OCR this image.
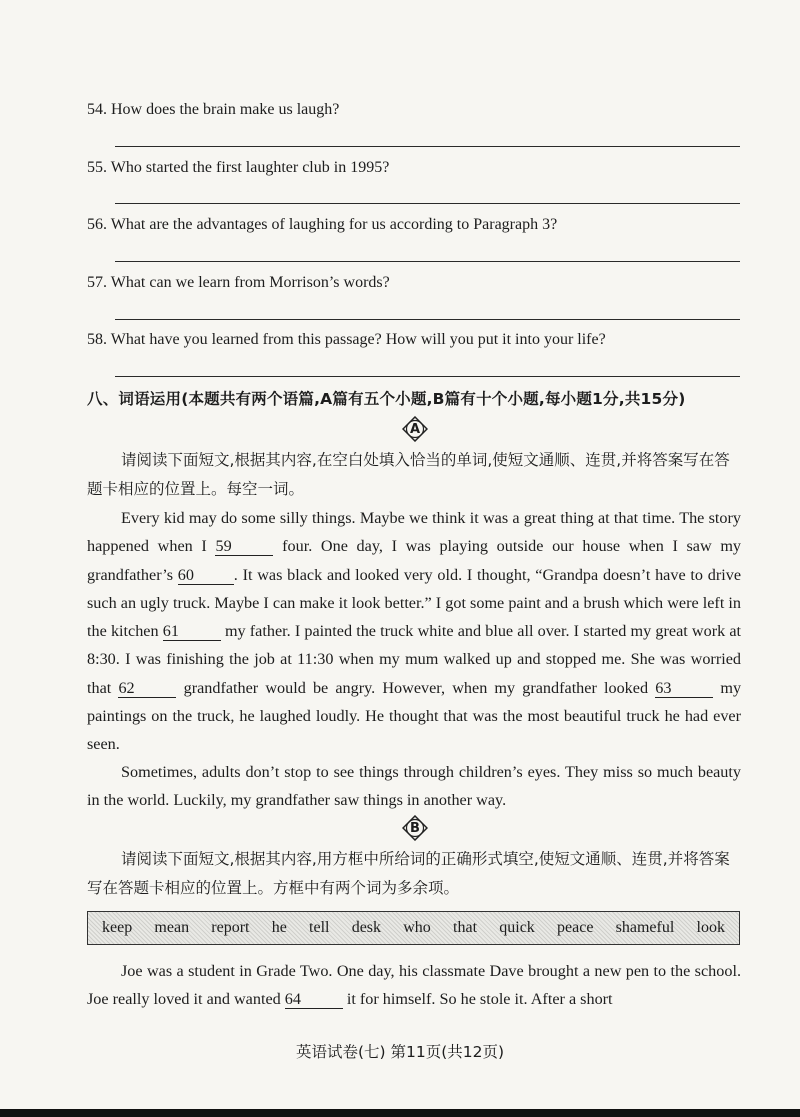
54. How does the brain make us laugh?
55. Who started the first laughter club in 1995?
56. What are the advantages of laughing for us according to Paragraph 3?
57. What can we learn from Morrison’s words?
58. What have you learned from this passage? How will you put it into your life?
八、词语运用(本题共有两个语篇,A篇有五个小题,B篇有十个小题,每小题1分,共15分)
A
请阅读下面短文,根据其内容,在空白处填入恰当的单词,使短文通顺、连贯,并将答案写在答题卡相应的位置上。每空一词。
Every kid may do some silly things. Maybe we think it was a great thing at that time. The story happened when I 59	four. One day, I was playing outside our house when I saw my grandfather’s 60 . It was black and looked very old. I thought, “Grandpa doesn’t have to drive such an ugly truck. Maybe I can make it look better.” I got some paint and a brush which were left in the kitchen 61	my father. I painted the truck white and blue all over. I started my great work at 8:30. I was finishing the job at 11:30 when my mum walked up and stopped me. She was worried that 62	grandfather would be angry. However, when my grandfather looked 63	my paintings on the truck, he laughed loudly. He thought that was the most beautiful truck he had ever seen.
Sometimes, adults don’t stop to see things through children’s eyes. They miss so much beauty in the world. Luckily, my grandfather saw things in another way.
B
请阅读下面短文,根据其内容,用方框中所给词的正确形式填空,使短文通顺、连贯,并将答案写在答题卡相应的位置上。方框中有两个词为多余项。
keep mean report he tell desk who that quick peace shameful look
Joe was a student in Grade Two. One day, his classmate Dave brought a new pen to the school. Joe really loved it and wanted 64	it for himself. So he stole it. After a short
英语试卷(七) 第11页(共12页)
